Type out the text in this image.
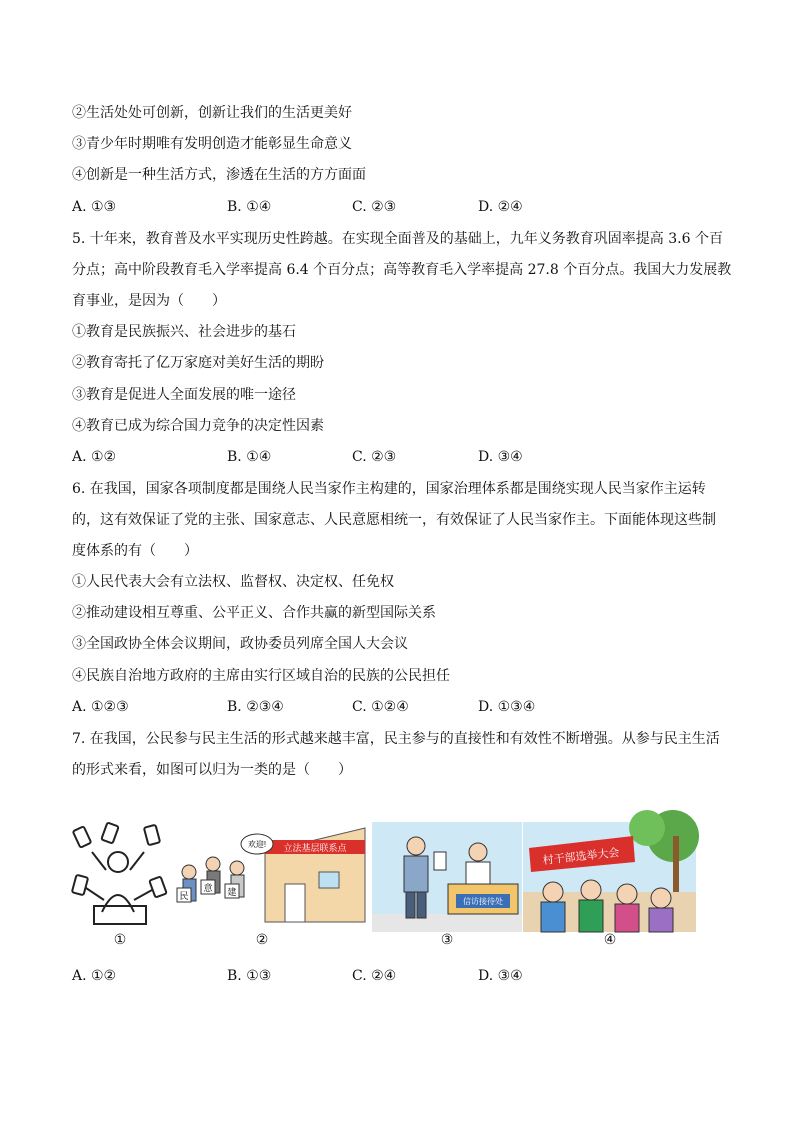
②生活处处可创新，创新让我们的生活更美好
③青少年时期唯有发明创造才能彰显生命意义
④创新是一种生活方式，渗透在生活的方方面面
A. ①③	B. ①④	C. ②③	D. ②④
5. 十年来，教育普及水平实现历史性跨越。在实现全面普及的基础上，九年义务教育巩固率提高 3.6 个百
分点；高中阶段教育毛入学率提高 6.4 个百分点；高等教育毛入学率提高 27.8 个百分点。我国大力发展教
育事业，是因为（　　）
①教育是民族振兴、社会进步的基石
②教育寄托了亿万家庭对美好生活的期盼
③教育是促进人全面发展的唯一途径
④教育已成为综合国力竞争的决定性因素
A. ①②	B. ①④	C. ②③	D. ③④
6. 在我国，国家各项制度都是围绕人民当家作主构建的，国家治理体系都是围绕实现人民当家作主运转
的，这有效保证了党的主张、国家意志、人民意愿相统一，有效保证了人民当家作主。下面能体现这些制
度体系的有（　　）
①人民代表大会有立法权、监督权、决定权、任免权
②推动建设相互尊重、公平正义、合作共赢的新型国际关系
③全国政协全体会议期间，政协委员列席全国人大会议
④民族自治地方政府的主席由实行区域自治的民族的公民担任
A. ①②③	B. ②③④	C. ①②④	D. ①③④
7. 在我国，公民参与民主生活的形式越来越丰富，民主参与的直接性和有效性不断增强。从参与民主生活
的形式来看，如图可以归为一类的是（　　）
①
立法基层联系点
欢迎!
民
意 建
②
信访接待处
③
村干部选举大会
④
A. ①②	B. ①③	C. ②④	D. ③④
